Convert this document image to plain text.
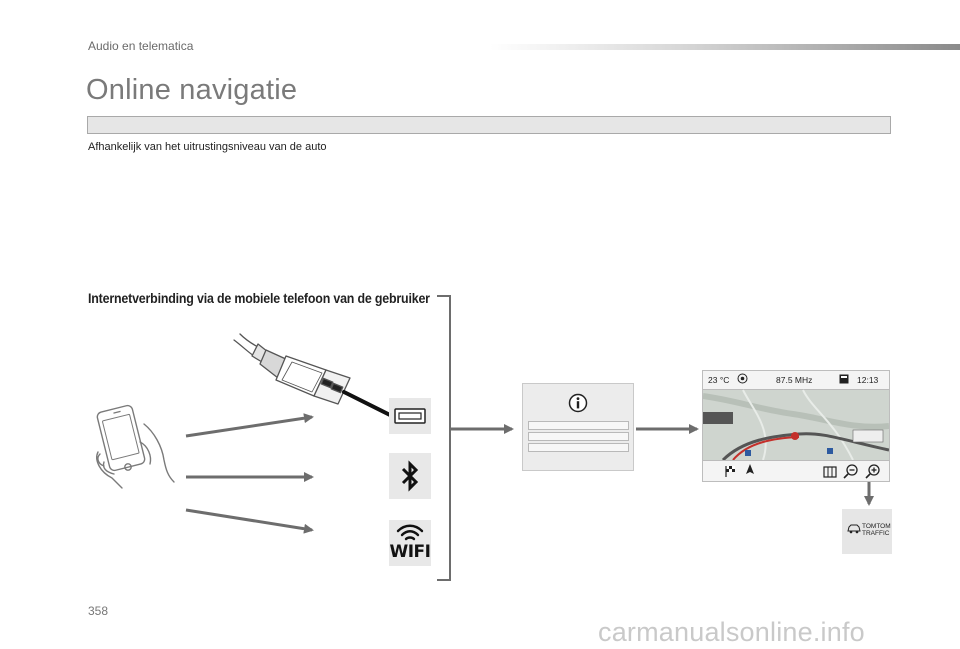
Audio en telematica
Online navigatie
Afhankelijk van het uitrustingsniveau van de auto
Internetverbinding via de mobiele telefoon van de gebruiker
WIFI
23 °C	87.5 MHz	12:13
TOMTOM
TRAFFIC
358
carmanualsonline.info
